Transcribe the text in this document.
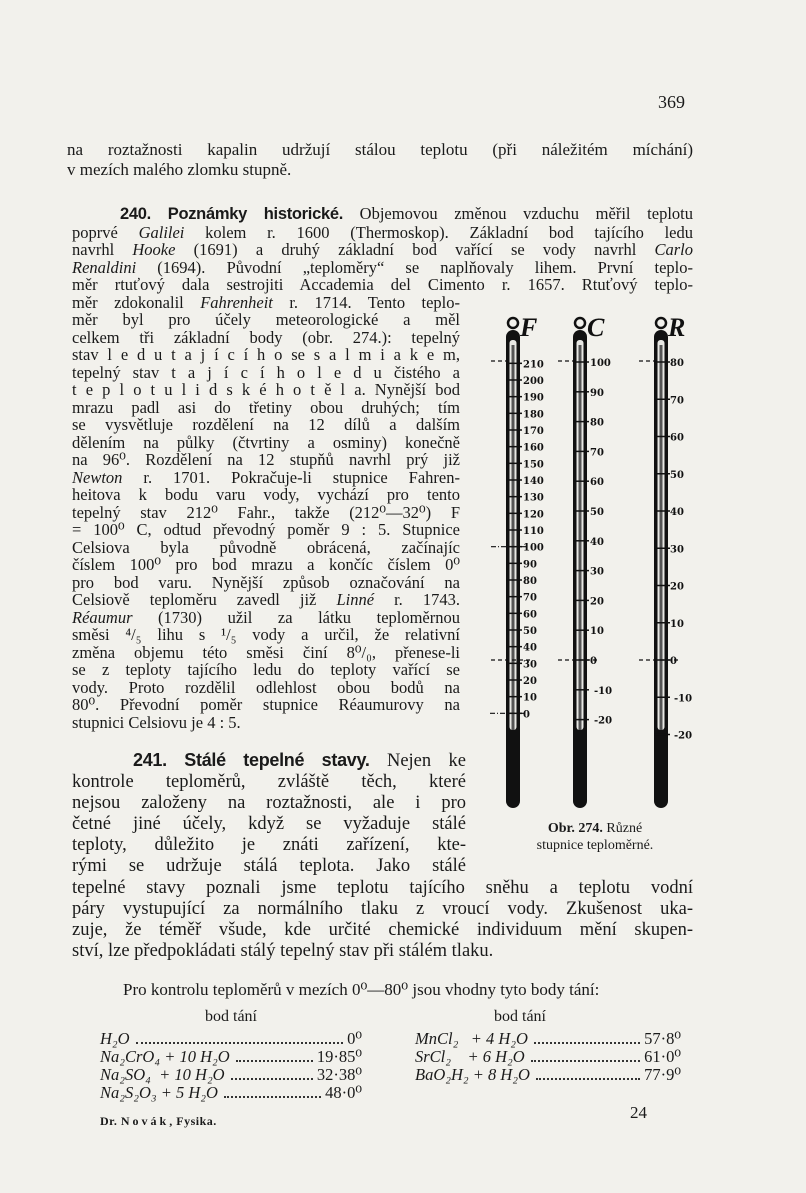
369
na roztažnosti kapalin udržují stálou teplotu (při náležitém míchání)
v mezích malého zlomku stupně.
240. Poznámky historické. Objemovou změnou vzduchu měřil teplotu
poprvé Galilei kolem r. 1600 (Thermoskop). Základní bod tajícího ledu
navrhl Hooke (1691) a druhý základní bod vařící se vody navrhl Carlo
Renaldini (1694). Původní „teploměry“ se naplňovaly lihem. První teplo-
měr rtuťový dala sestrojiti Accademia del Cimento r. 1657. Rtuťový teplo-
měr zdokonalil Fahrenheit r. 1714. Tento teplo-
měr byl pro účely meteorologické a měl
celkem tři základní body (obr. 274.): tepelný
stav l e d u t a j í c í h o se s a l m i a k e m,
tepelný stav t a j í c í h o l e d u čistého a
t e p l o t u l i d s k é h o t ě l a. Nynější bod
mrazu padl asi do třetiny obou druhých; tím
se vysvětluje rozdělení na 12 dílů a dalším
dělením na půlky (čtvrtiny a osminy) konečně
na 96⁰. Rozdělení na 12 stupňů navrhl prý již
Newton r. 1701. Pokračuje-li stupnice Fahren-
heitova k bodu varu vody, vychází pro tento
tepelný stav 212⁰ Fahr., takže (212⁰—32⁰) F
= 100⁰ C, odtud převodný poměr 9 : 5. Stupnice
Celsiova byla původně obrácená, začínajíc
číslem 100⁰ pro bod mrazu a končíc číslem 0⁰
pro bod varu. Nynější způsob označování na
Celsiově teploměru zavedl již Linné r. 1743.
Réaumur (1730) užil za látku teploměrnou
směsi ⁴/₅ lihu s ¹/₅ vody a určil, že relativní
změna objemu této směsi činí 8⁰/₀, přenese-li
se z teploty tajícího ledu do teploty vařící se
vody. Proto rozdělil odlehlost obou bodů na
80⁰. Převodní poměr stupnice Réaumurovy na
stupnici Celsiovu je 4 : 5.
241. Stálé tepelné stavy. Nejen ke
kontrole teploměrů, zvláště těch, které
nejsou založeny na roztažnosti, ale i pro
četné jiné účely, když se vyžaduje stálé
teploty, důležito je znáti zařízení, kte-
rými se udržuje stálá teplota. Jako stálé
tepelné stavy poznali jsme teplotu tajícího sněhu a teplotu vodní
páry vystupující za normálního tlaku z vroucí vody. Zkušenost uka-
zuje, že téměř všude, kde určité chemické individuum mění skupen-
ství, lze předpokládati stálý tepelný stav při stálém tlaku.
F
210
200
190
180
170
160
150
140
130
120
110
100
90
80
70
60
50
40
30
20
10
0
C
100
90
80
70
60
50
40
30
20
10
0
-10
-20
R
80
70
60
50
40
30
20
10
0
-10
-20
Obr. 274. Různé
stupnice teploměrné.
Pro kontrolu teploměrů v mezích 0⁰—80⁰ jsou vhodny tyto body tání:
bod tání	bod tání
H₂O	0⁰
Na₂CrO₄ + 10 H₂O	19·85⁰
Na₂SO₄  + 10 H₂O	32·38⁰
Na₂S₂O₃ + 5 H₂O	48·0⁰
MnCl₂   + 4 H₂O	57·8⁰
SrCl₂    + 6 H₂O	61·0⁰
BaO₂H₂ + 8 H₂O	77·9⁰
Dr. Novák, Fysika.	24
